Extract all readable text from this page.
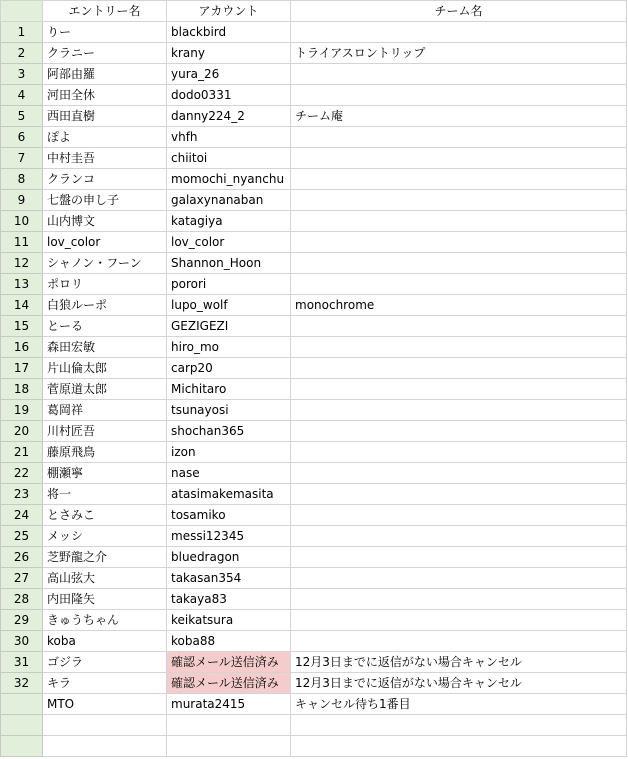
	エントリー名	アカウント	チーム名
1	りー	blackbird	
2	クラニー	krany	トライアスロントリップ
3	阿部由羅	yura_26	
4	河田全休	dodo0331	
5	西田直樹	danny224_2	チーム庵
6	ぽよ	vhfh	
7	中村圭吾	chiitoi	
8	クランコ	momochi_nyanchu	
9	七盤の申し子	galaxynanaban	
10	山内博文	katagiya	
11	lov_color	lov_color	
12	シャノン・フーン	Shannon_Hoon	
13	ポロリ	porori	
14	白狼ルーポ	lupo_wolf	monochrome
15	とーる	GEZIGEZI	
16	森田宏敏	hiro_mo	
17	片山倫太郎	carp20	
18	菅原道太郎	Michitaro	
19	葛岡祥	tsunayosi	
20	川村匠吾	shochan365	
21	藤原飛鳥	izon	
22	棚瀬寧	nase	
23	将一	atasimakemasita	
24	とさみこ	tosamiko	
25	メッシ	messi12345	
26	芝野龍之介	bluedragon	
27	高山弦大	takasan354	
28	内田隆矢	takaya83	
29	きゅうちゃん	keikatsura	
30	koba	koba88	
31	ゴジラ	確認メール送信済み	12月3日までに返信がない場合キャンセル
32	キラ	確認メール送信済み	12月3日までに返信がない場合キャンセル
	MTO	murata2415	キャンセル待ち1番目
